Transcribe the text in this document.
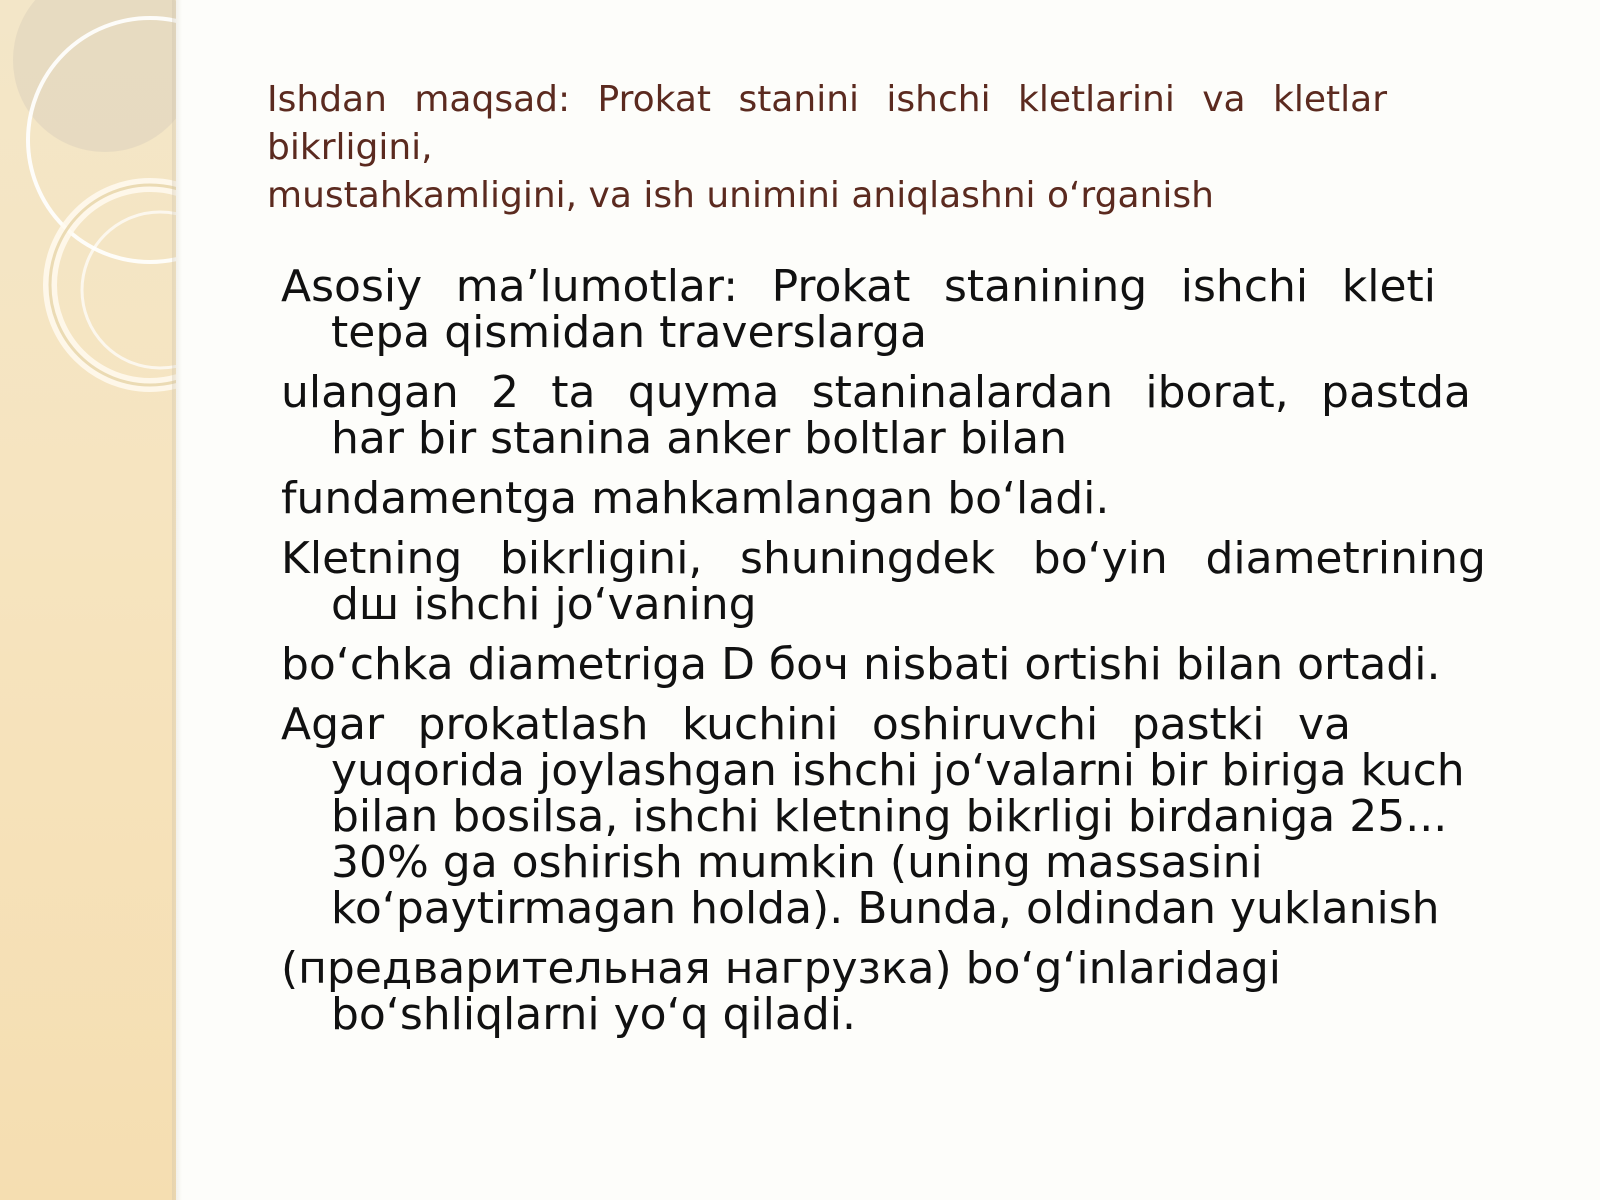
Ishdan maqsad: Prokat stanini ishchi kletlarini va kletlar
bikrligini,
mustahkamligini, va ish unimini aniqlashni o‘rganish
Asosiy ma’lumotlar: Prokat stanining ishchi kleti
tepa qismidan traverslarga
ulangan 2 ta quyma staninalardan iborat, pastda
har bir stanina anker boltlar bilan
fundamentga mahkamlangan bo‘ladi.
Kletning bikrligini, shuningdek bo‘yin diametrining
dш ishchi jo‘vaning
bo‘chka diametriga D боч nisbati ortishi bilan ortadi.
Agar prokatlash kuchini oshiruvchi pastki va
yuqorida joylashgan ishchi jo‘valarni bir biriga kuch
bilan bosilsa, ishchi kletning bikrligi birdaniga 25...
30% ga oshirish mumkin (uning massasini
ko‘paytirmagan holda). Bunda, oldindan yuklanish
(предварительная нагрузка) bo‘g‘inlaridagi
bo‘shliqlarni yo‘q qiladi.
